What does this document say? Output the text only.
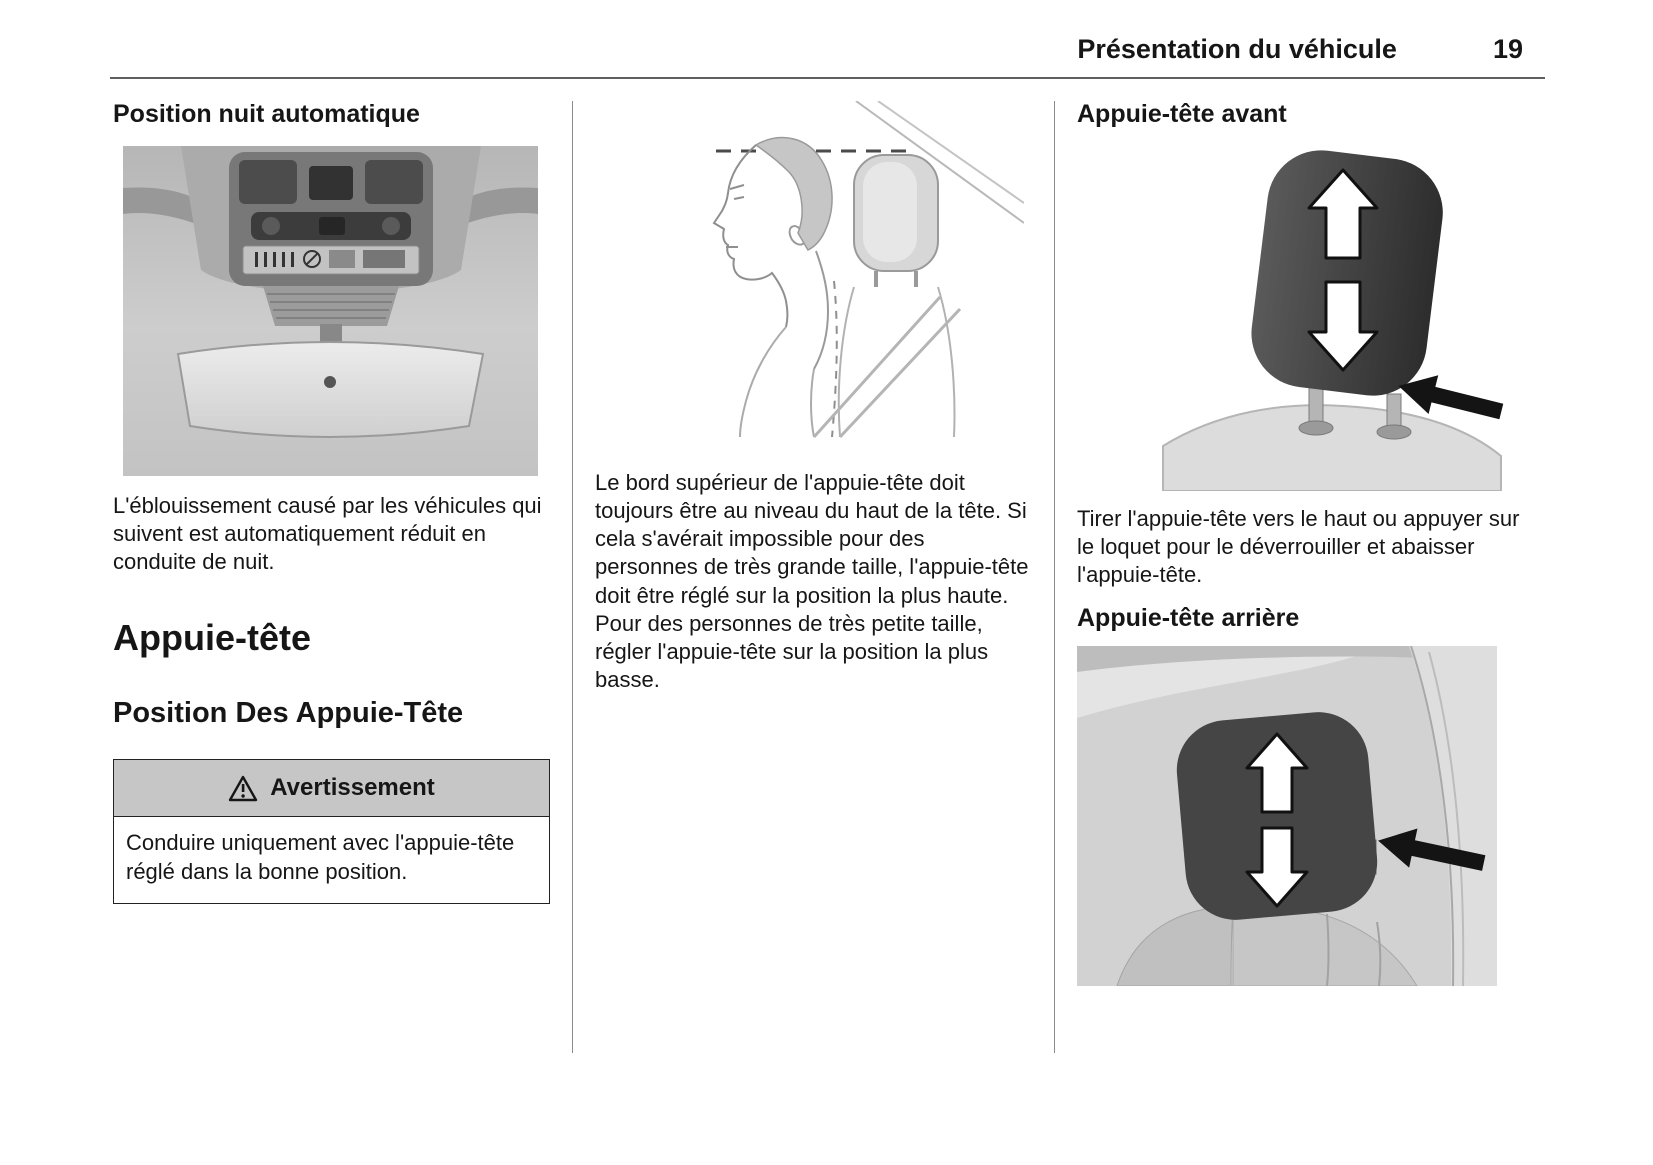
Présentation du véhicule	19
Position nuit automatique

L'éblouissement causé par les véhicules qui suivent est automatiquement réduit en conduite de nuit.

Appuie-tête
Position Des Appuie-Tête
Avertissement
Conduire uniquement avec l'appuie-tête réglé dans la bonne position.

Le bord supérieur de l'appuie-tête doit toujours être au niveau du haut de la tête. Si cela s'avérait impossible pour des personnes de très grande taille, l'appuie-tête doit être réglé sur la position la plus haute. Pour des personnes de très petite taille, régler l'appuie-tête sur la position la plus basse.

Appuie-tête avant

Tirer l'appuie-tête vers le haut ou appuyer sur le loquet pour le déverrouiller et abaisser l'appuie-tête.

Appuie-tête arrière
